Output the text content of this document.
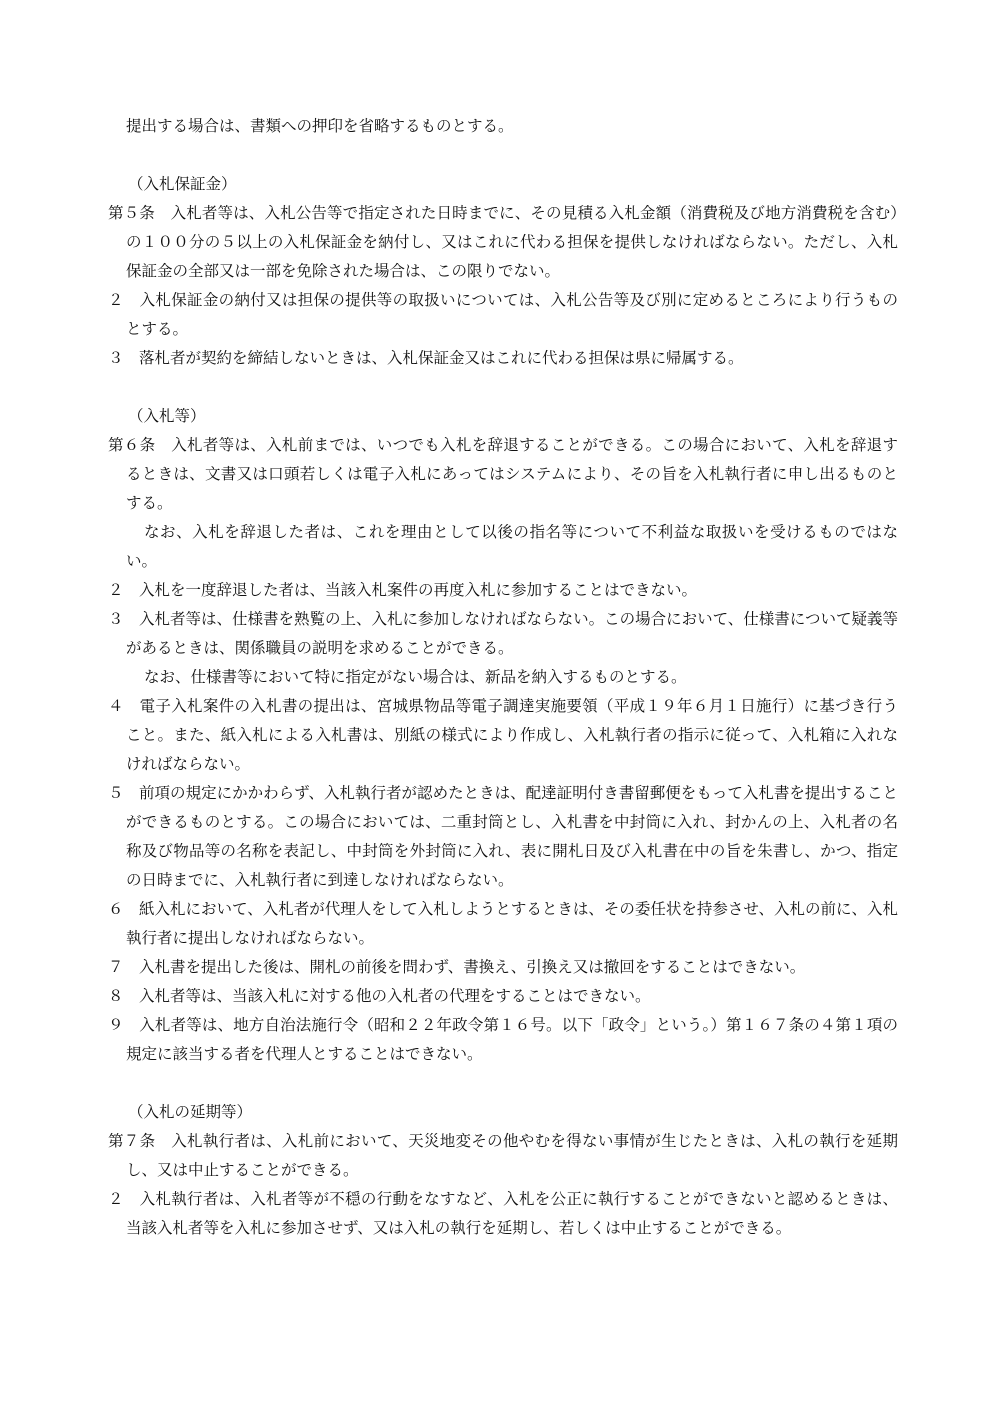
提出する場合は、書類への押印を省略するものとする。

（入札保証金）

第５条　入札者等は、入札公告等で指定された日時までに、その見積る入札金額（消費税及び地方消費税を含む）の１００分の５以上の入札保証金を納付し、又はこれに代わる担保を提供しなければならない。ただし、入札保証金の全部又は一部を免除された場合は、この限りでない。

２　入札保証金の納付又は担保の提供等の取扱いについては、入札公告等及び別に定めるところにより行うものとする。

３　落札者が契約を締結しないときは、入札保証金又はこれに代わる担保は県に帰属する。

（入札等）

第６条　入札者等は、入札前までは、いつでも入札を辞退することができる。この場合において、入札を辞退するときは、文書又は口頭若しくは電子入札にあってはシステムにより、その旨を入札執行者に申し出るものとする。

なお、入札を辞退した者は、これを理由として以後の指名等について不利益な取扱いを受けるものではない。

２　入札を一度辞退した者は、当該入札案件の再度入札に参加することはできない。

３　入札者等は、仕様書を熟覧の上、入札に参加しなければならない。この場合において、仕様書について疑義等があるときは、関係職員の説明を求めることができる。

なお、仕様書等において特に指定がない場合は、新品を納入するものとする。

４　電子入札案件の入札書の提出は、宮城県物品等電子調達実施要領（平成１９年６月１日施行）に基づき行うこと。また、紙入札による入札書は、別紙の様式により作成し、入札執行者の指示に従って、入札箱に入れなければならない。

５　前項の規定にかかわらず、入札執行者が認めたときは、配達証明付き書留郵便をもって入札書を提出することができるものとする。この場合においては、二重封筒とし、入札書を中封筒に入れ、封かんの上、入札者の名称及び物品等の名称を表記し、中封筒を外封筒に入れ、表に開札日及び入札書在中の旨を朱書し、かつ、指定の日時までに、入札執行者に到達しなければならない。

６　紙入札において、入札者が代理人をして入札しようとするときは、その委任状を持参させ、入札の前に、入札執行者に提出しなければならない。

７　入札書を提出した後は、開札の前後を問わず、書換え、引換え又は撤回をすることはできない。

８　入札者等は、当該入札に対する他の入札者の代理をすることはできない。

９　入札者等は、地方自治法施行令（昭和２２年政令第１６号。以下「政令」という。）第１６７条の４第１項の規定に該当する者を代理人とすることはできない。

（入札の延期等）

第７条　入札執行者は、入札前において、天災地変その他やむを得ない事情が生じたときは、入札の執行を延期し、又は中止することができる。

２　入札執行者は、入札者等が不穏の行動をなすなど、入札を公正に執行することができないと認めるときは、当該入札者等を入札に参加させず、又は入札の執行を延期し、若しくは中止することができる。
